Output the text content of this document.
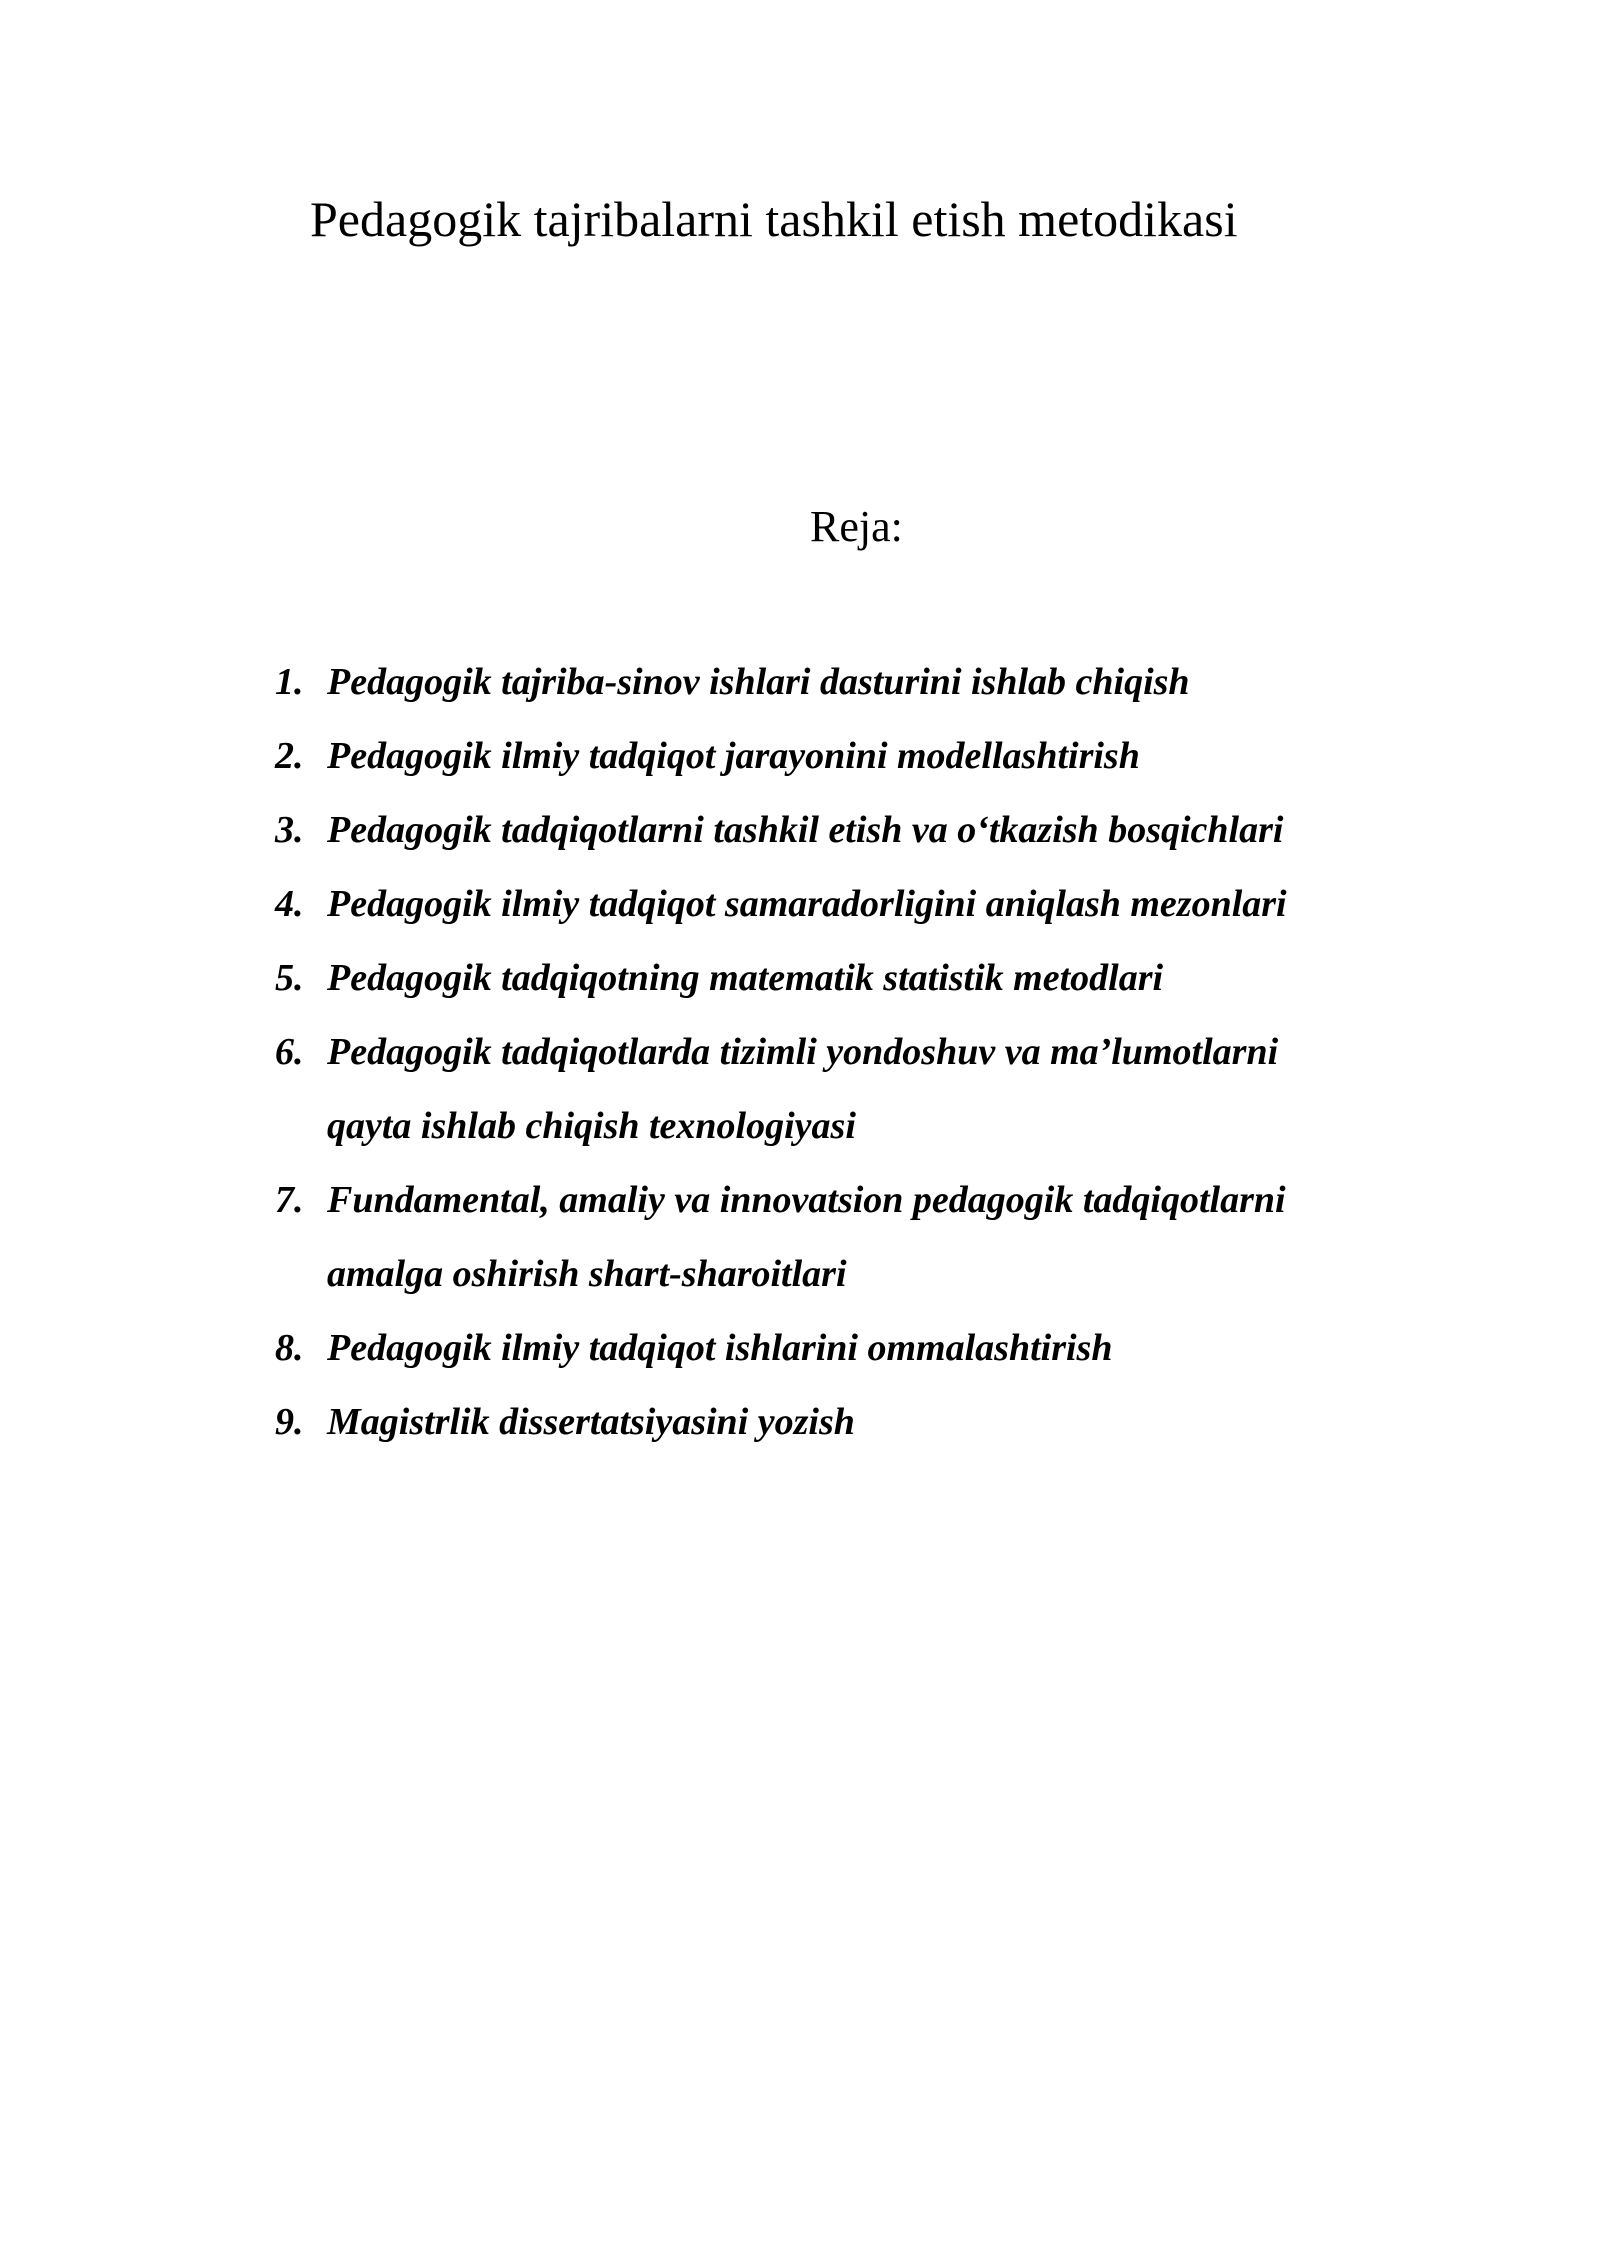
Pedagogik tajribalarni tashkil etish metodikasi
Reja:
1. Pedagogik tajriba-sinov ishlari dasturini ishlab chiqish
2. Pedagogik ilmiy tadqiqot jarayonini modellashtirish
3. Pedagogik tadqiqotlarni tashkil etish va o‘tkazish bosqichlari
4. Pedagogik ilmiy tadqiqot samaradorligini aniqlash mezonlari
5. Pedagogik tadqiqotning matematik statistik metodlari
6. Pedagogik tadqiqotlarda tizimli yondoshuv va ma’lumotlarni
qayta ishlab chiqish texnologiyasi
7. Fundamental, amaliy va innovatsion pedagogik tadqiqotlarni
amalga oshirish shart-sharoitlari
8. Pedagogik ilmiy tadqiqot ishlarini ommalashtirish
9. Magistrlik dissertatsiyasini yozish
